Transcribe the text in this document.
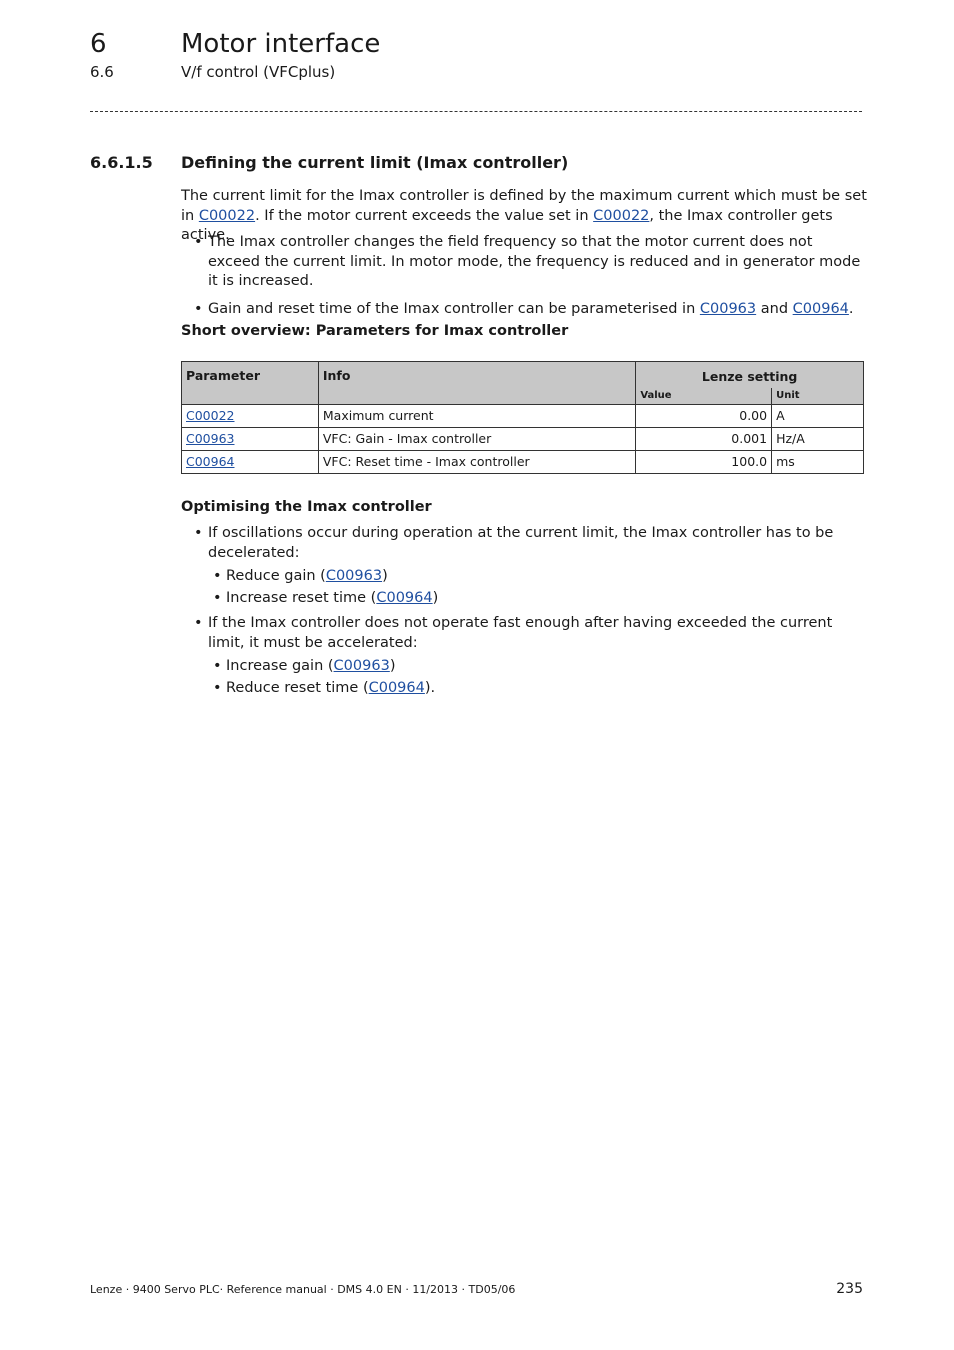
6	Motor interface
6.6	V/f control (VFCplus)
6.6.1.5 Defining the current limit (Imax controller)
The current limit for the Imax controller is defined by the maximum current which must be set in C00022. If the motor current exceeds the value set in C00022, the Imax controller gets active.
• The Imax controller changes the field frequency so that the motor current does not exceed the current limit. In motor mode, the frequency is reduced and in generator mode it is increased.
• Gain and reset time of the Imax controller can be parameterised in C00963 and C00964.
Short overview: Parameters for Imax controller
Parameter	Info	Lenze setting	
		Value	Unit
C00022	Maximum current	0.00	A
C00963	VFC: Gain - Imax controller	0.001	Hz/A
C00964	VFC: Reset time - Imax controller	100.0	ms
Optimising the Imax controller
• If oscillations occur during operation at the current limit, the Imax controller has to be decelerated:
• Reduce gain (C00963)
• Increase reset time (C00964)
• If the Imax controller does not operate fast enough after having exceeded the current limit, it must be accelerated:
• Increase gain (C00963)
• Reduce reset time (C00964).
Lenze · 9400 Servo PLC· Reference manual · DMS 4.0 EN · 11/2013 · TD05/06	235
